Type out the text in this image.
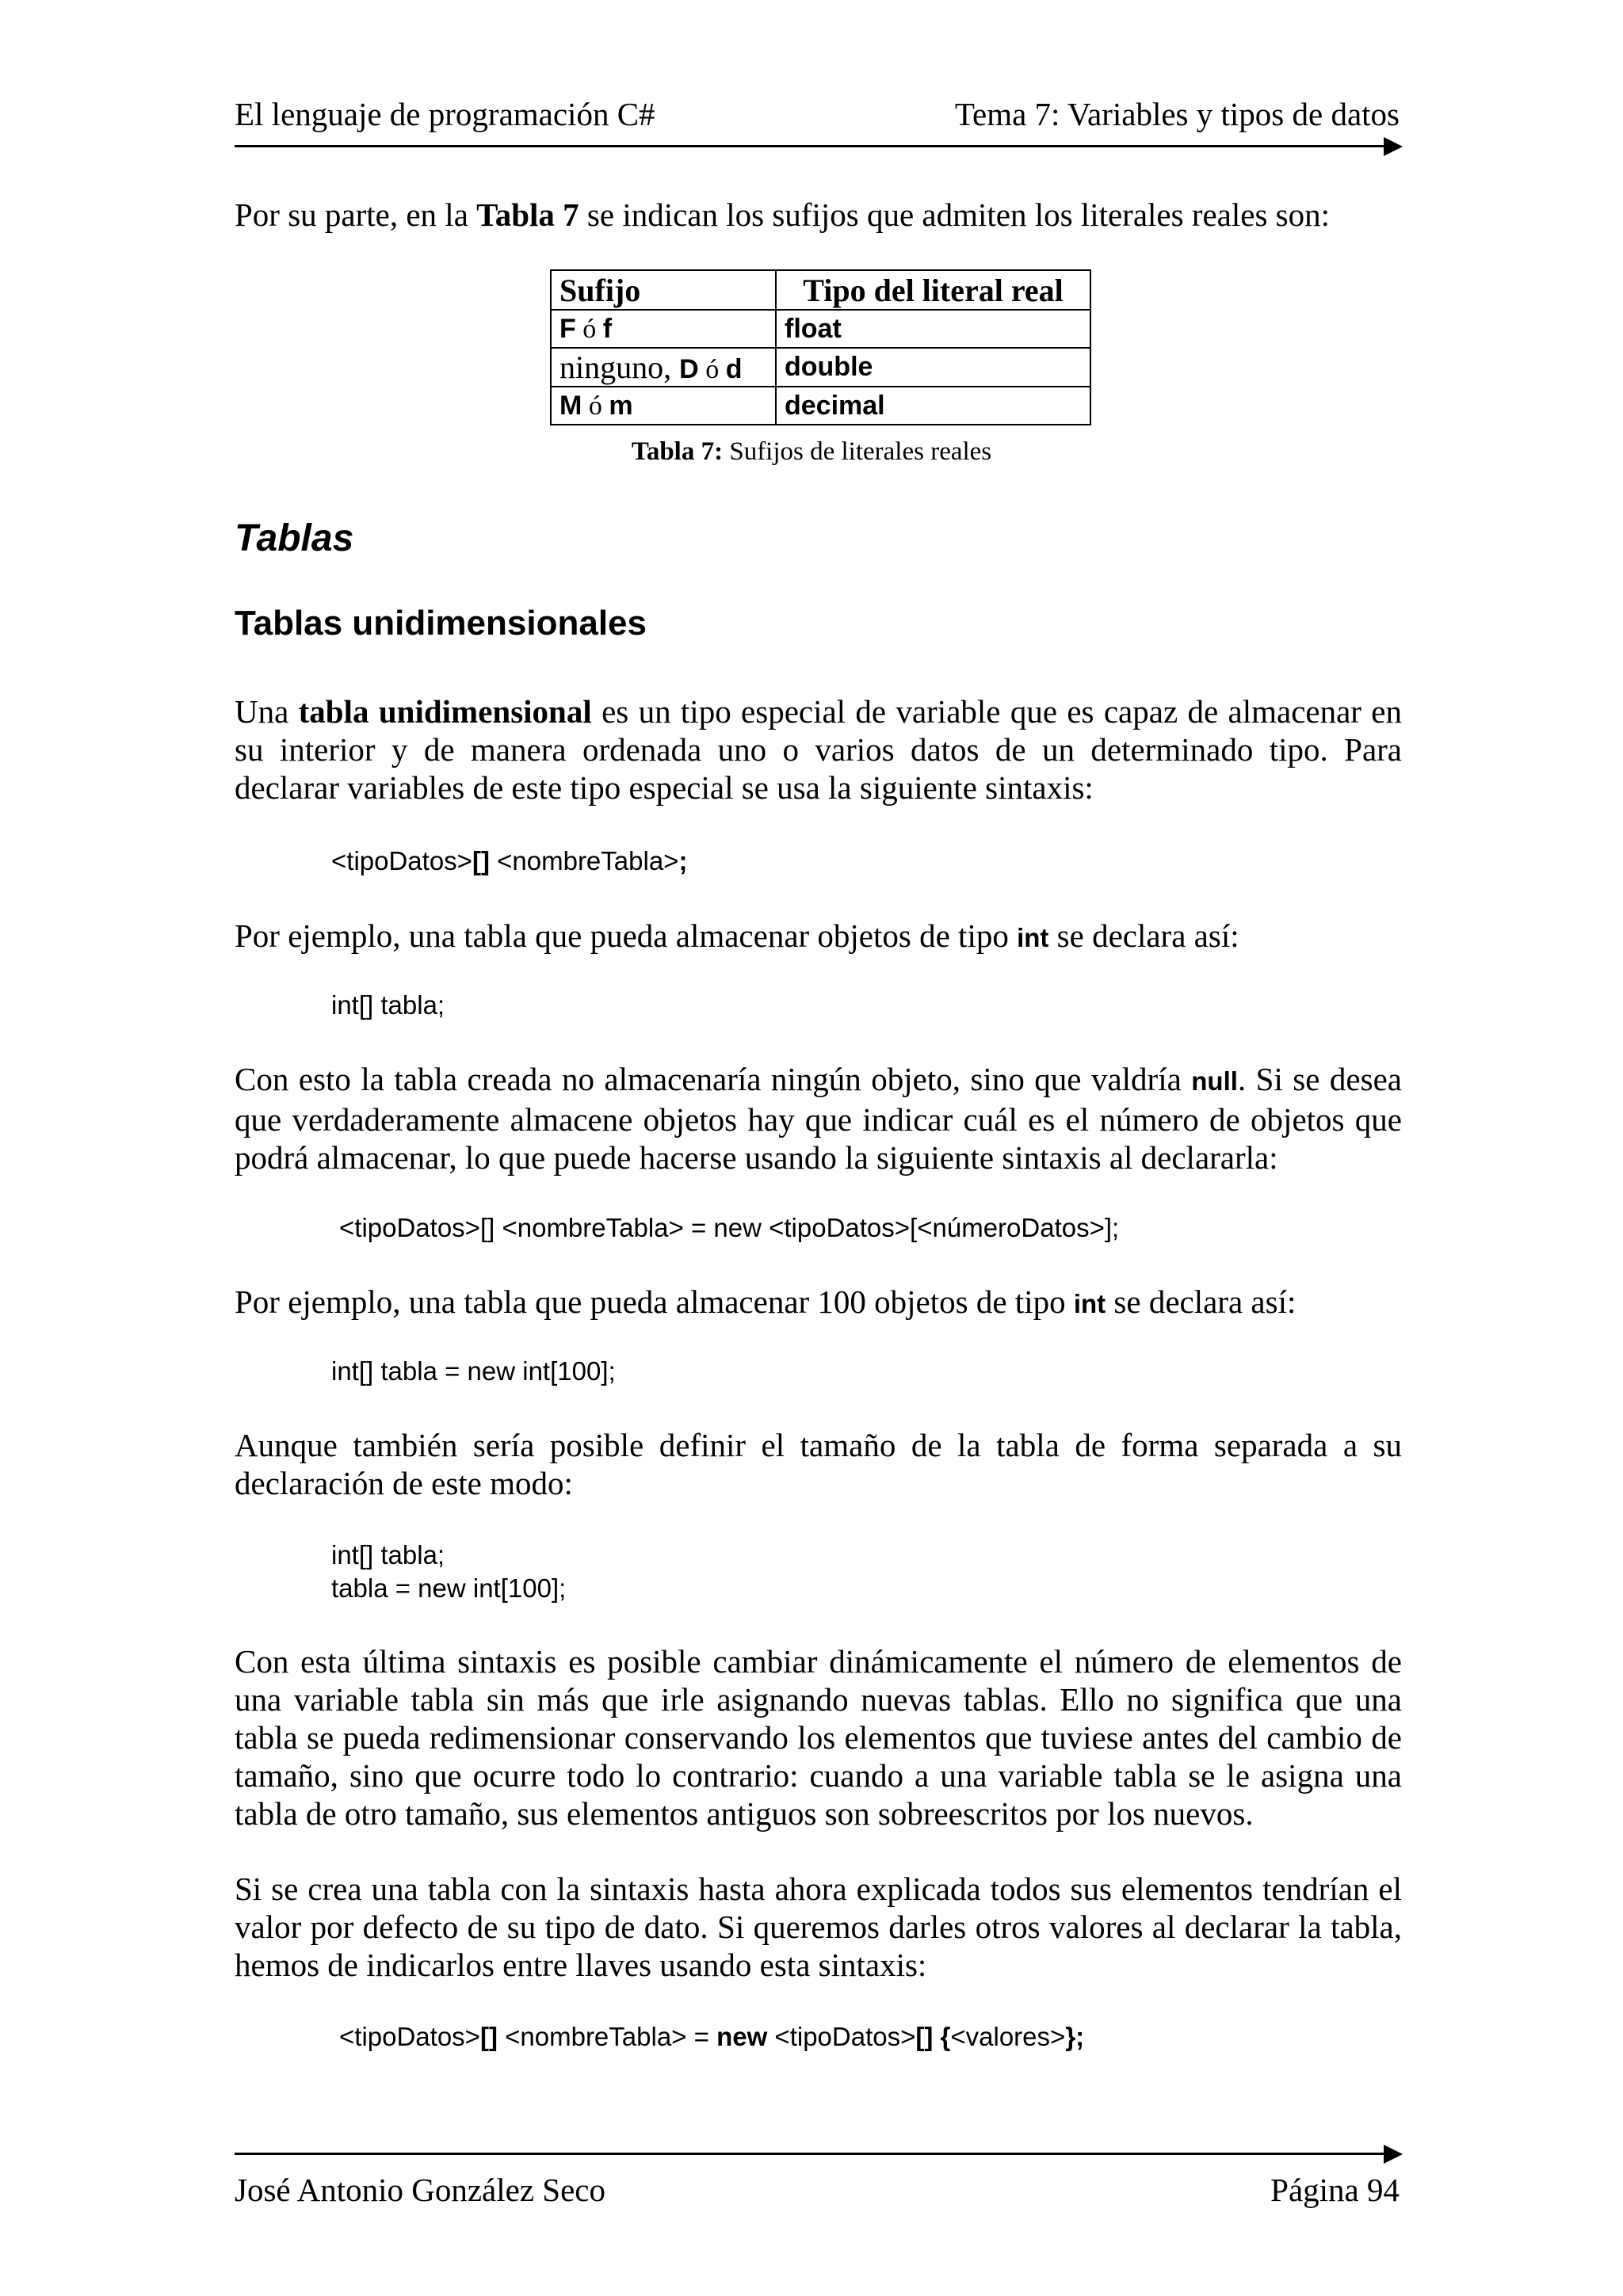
El lenguaje de programación C#	Tema 7: Variables y tipos de datos

Por su parte, en la Tabla 7 se indican los sufijos que admiten los literales reales son:

Sufijo	Tipo del literal real
F ó f	float
ninguno, D ó d	double
M ó m	decimal
Tabla 7: Sufijos de literales reales
Tablas
Tablas unidimensionales

Una tabla unidimensional es un tipo especial de variable que es capaz de almacenar en su interior y de manera ordenada uno o varios datos de un determinado tipo. Para declarar variables de este tipo especial se usa la siguiente sintaxis:

<tipoDatos>[] <nombreTabla>;

Por ejemplo, una tabla que pueda almacenar objetos de tipo int se declara así:

int[] tabla;

Con esto la tabla creada no almacenaría ningún objeto, sino que valdría null. Si se desea que verdaderamente almacene objetos hay que indicar cuál es el número de objetos que podrá almacenar, lo que puede hacerse usando la siguiente sintaxis al declararla:

<tipoDatos>[] <nombreTabla> = new <tipoDatos>[<númeroDatos>];

Por ejemplo, una tabla que pueda almacenar 100 objetos de tipo int se declara así:

int[] tabla = new int[100];

Aunque también sería posible definir el tamaño de la tabla de forma separada a su declaración de este modo:

int[] tabla;
tabla = new int[100];

Con esta última sintaxis es posible cambiar dinámicamente el número de elementos de una variable tabla sin más que irle asignando nuevas tablas. Ello no significa que una tabla se pueda redimensionar conservando los elementos que tuviese antes del cambio de tamaño, sino que ocurre todo lo contrario: cuando a una variable tabla se le asigna una tabla de otro tamaño, sus elementos antiguos son sobreescritos por los nuevos.

Si se crea una tabla con la sintaxis hasta ahora explicada todos sus elementos tendrían el valor por defecto de su tipo de dato. Si queremos darles otros valores al declarar la tabla, hemos de indicarlos entre llaves usando esta sintaxis:

<tipoDatos>[] <nombreTabla> = new <tipoDatos>[] {<valores>};
José Antonio González Seco	Página 94
